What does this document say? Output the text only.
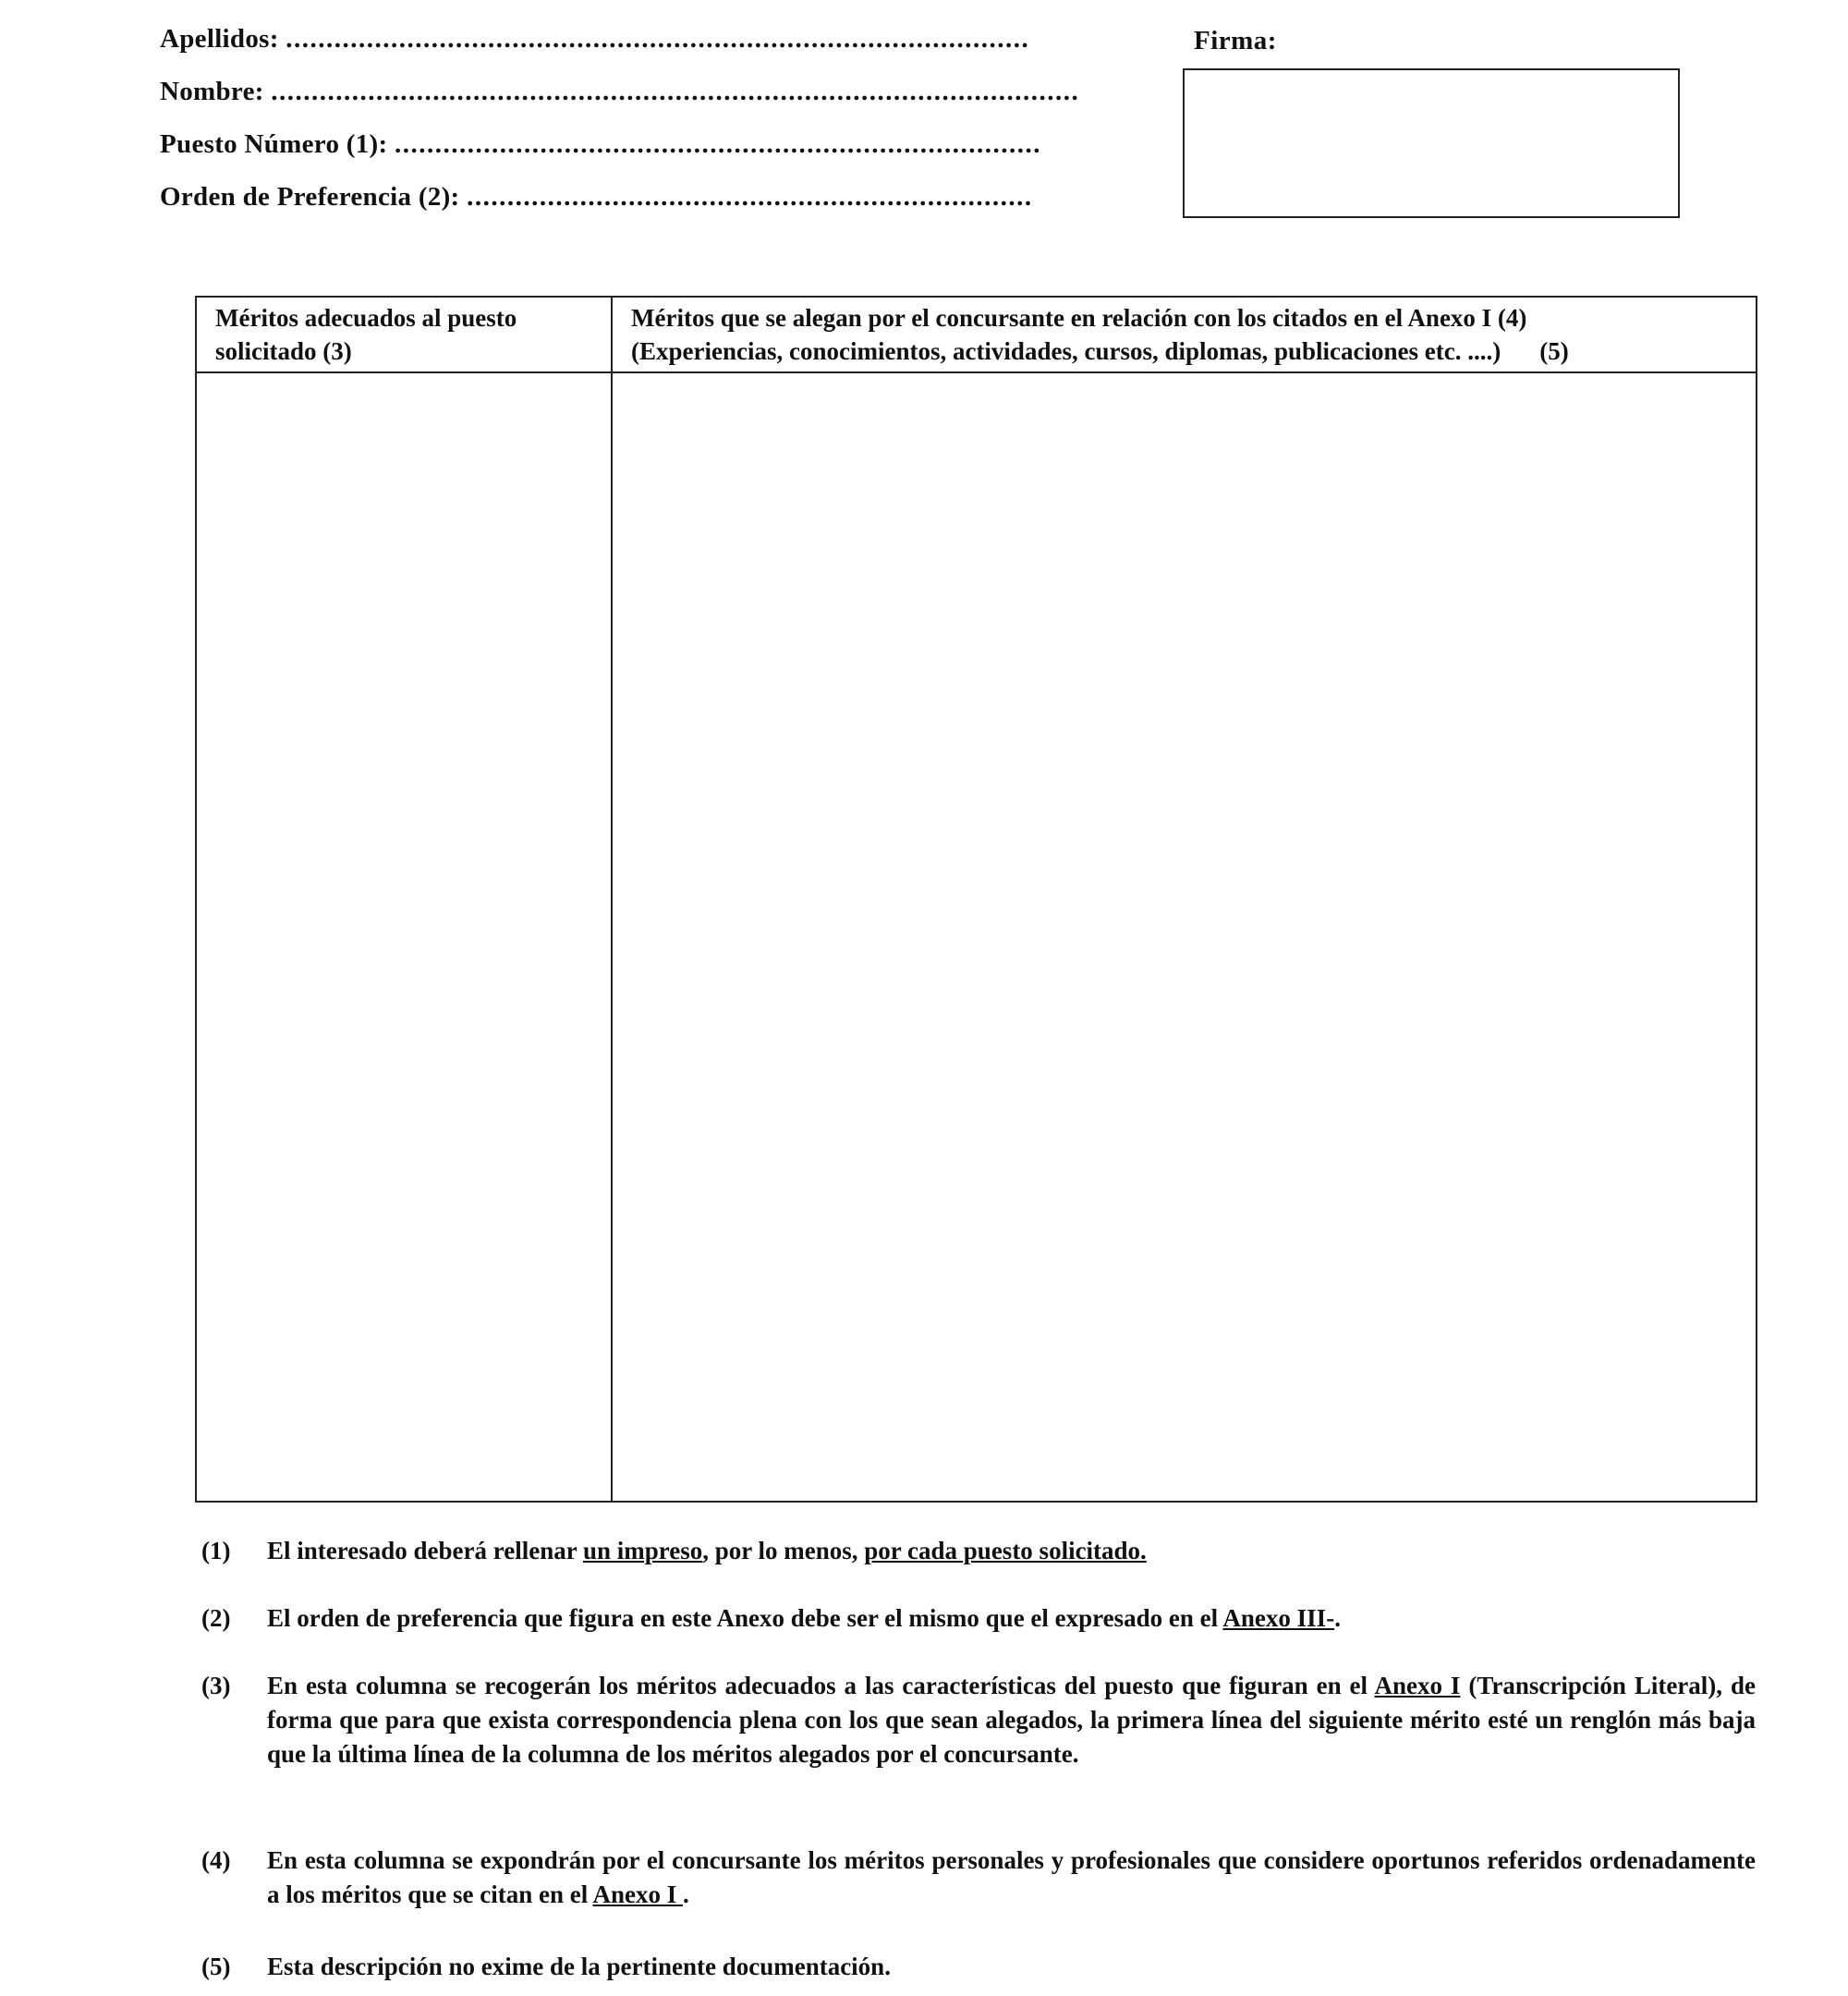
Apellidos: ............................................................................................
Nombre: ....................................................................................................
Puesto Número (1): ................................................................................
Orden de Preferencia (2): ......................................................................
Firma:
Méritos adecuados al puesto solicitado (3)	Méritos que se alegan por el concursante en relación con los citados en el Anexo I (4)
(Experiencias, conocimientos, actividades, cursos, diplomas, publicaciones etc. ....) (5)

(1)	El interesado deberá rellenar un impreso, por lo menos, por cada puesto solicitado.

(2)	El orden de preferencia que figura en este Anexo debe ser el mismo que el expresado en el Anexo III-.

(3)	En esta columna se recogerán los méritos adecuados a las características del puesto que figuran en el Anexo I (Transcripción Literal), de forma que para que exista correspondencia plena con los que sean alegados, la primera línea del siguiente mérito esté un renglón más baja que la última línea de la columna de los méritos alegados por el concursante.

(4)	En esta columna se expondrán por el concursante los méritos personales y profesionales que considere oportunos referidos ordenadamente a los méritos que se citan en el Anexo I .

(5)	Esta descripción no exime de la pertinente documentación.
